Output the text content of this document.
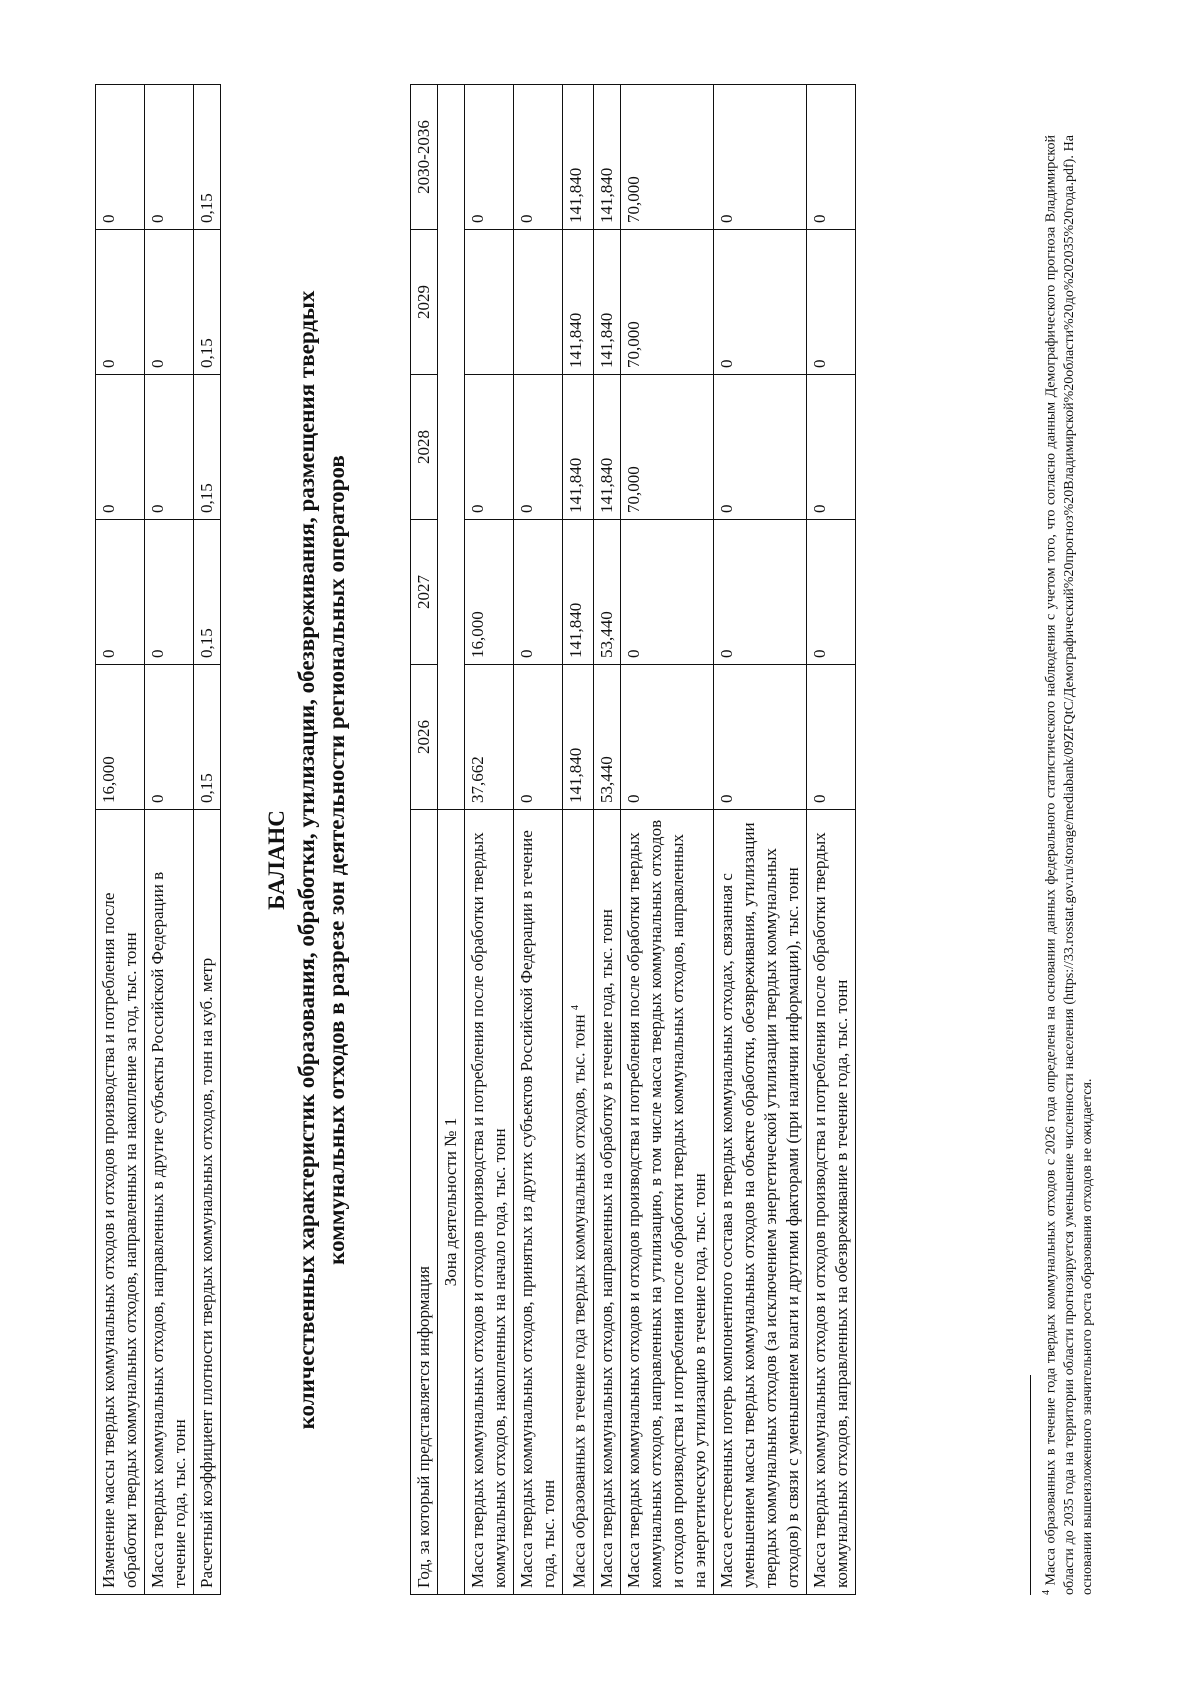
Изменение массы твердых коммунальных отходов и отходов производства и потребления после обработки твердых коммунальных отходов, направленных на накопление за год, тыс. тонн	16,000	0	0	0	0
Масса твердых коммунальных отходов, направленных в другие субъекты Российской Федерации в течение года, тыс. тонн	0	0	0	0	0
Расчетный коэффициент плотности твердых коммунальных отходов, тонн на куб. метр	0,15	0,15	0,15	0,15	0,15
БАЛАНС количественных характеристик образования, обработки, утилизации, обезвреживания, размещения твердых коммунальных отходов в разрезе зон деятельности региональных операторов
Год, за который представляется информация	2026	2027	2028	2029	2030-2036
Зона деятельности № 1					
Масса твердых коммунальных отходов и отходов производства и потребления после обработки твердых коммунальных отходов, накопленных на начало года, тыс. тонн	37,662	16,000	0		0
Масса твердых коммунальных отходов, принятых из других субъектов Российской Федерации в течение года, тыс. тонн	0	0	0		0
Масса образованных в течение года твердых коммунальных отходов, тыс. тонн $^4$	141,840	141,840	141,840	141,840	141,840
Масса твердых коммунальных отходов, направленных на обработку в течение года, тыс. тонн	53,440	53,440	141,840	141,840	141,840
Масса твердых коммунальных отходов и отходов производства и потребления после обработки твердых коммунальных отходов, направленных на утилизацию, в том числе масса твердых коммунальных отходов и отходов производства и потребления после обработки твердых коммунальных отходов, направленных на энергетическую утилизацию в течение года, тыс. тонн	0	0	70,000	70,000	70,000
Масса естественных потерь компонентного состава в твердых коммунальных отходах, связанная с уменьшением массы твердых коммунальных отходов на объекте обработки, обезвреживания, утилизации твердых коммунальных отходов (за исключением энергетической утилизации твердых коммунальных отходов) в связи с уменьшением влаги и другими факторами (при наличии информации), тыс. тонн	0	0	0	0	0
Масса твердых коммунальных отходов и отходов производства и потребления после обработки твердых коммунальных отходов, направленных на обезвреживание в течение года, тыс. тонн	0	0	0	0	0
$^4$ Масса образованных в течение года твердых коммунальных отходов с 2026 года определена на основании данных федерального статистического наблюдения с учетом того, что согласно данным Демографического прогноза Владимирской области до 2035 года на территории области прогнозируется уменьшение численности населения (https://33.rosstat.gov.ru/storage/mediabank/09ZFQtC/Демографический%20прогноз%20Владимирской%20области%20до%202035%20года.pdf). На основании вышеизложенного значительного роста образования отходов не ожидается.
